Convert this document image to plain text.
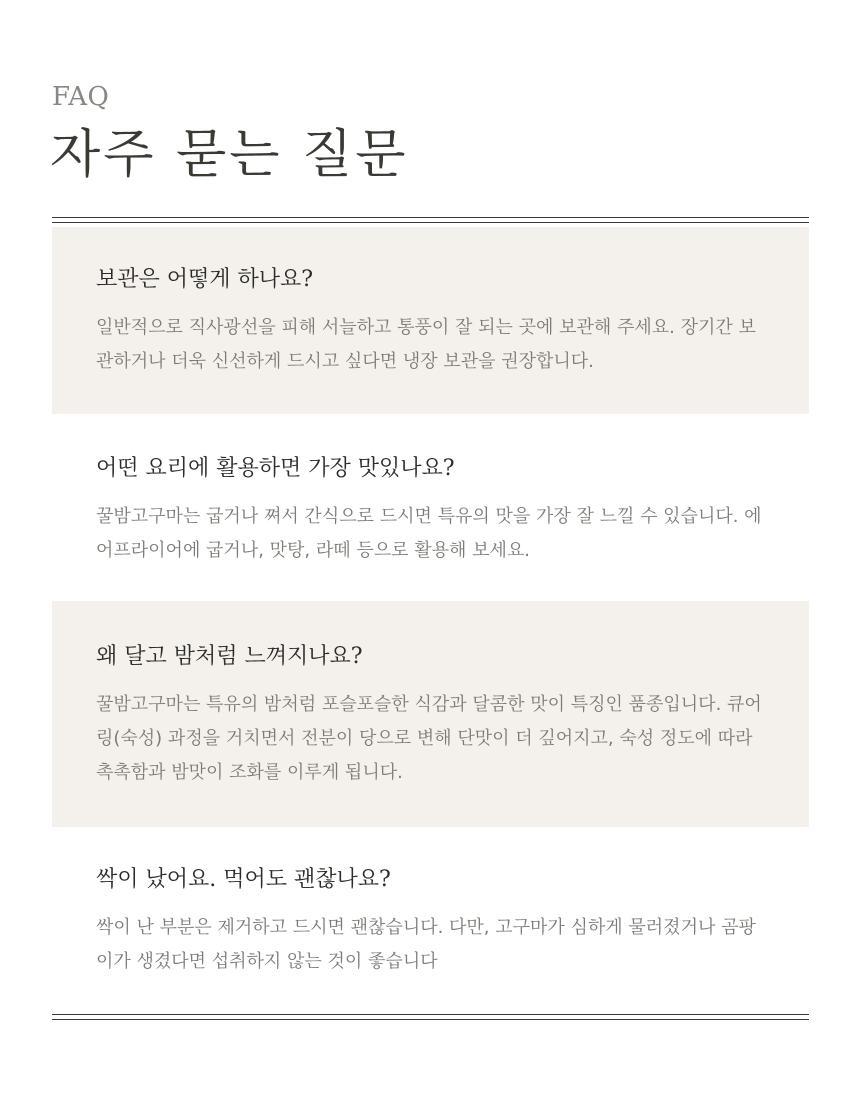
FAQ
자주 묻는 질문
보관은 어떻게 하나요?

일반적으로 직사광선을 피해 서늘하고 통풍이 잘 되는 곳에 보관해 주세요. 장기간 보관하거나 더욱 신선하게 드시고 싶다면 냉장 보관을 권장합니다.

어떤 요리에 활용하면 가장 맛있나요?

꿀밤고구마는 굽거나 쪄서 간식으로 드시면 특유의 맛을 가장 잘 느낄 수 있습니다. 에어프라이어에 굽거나, 맛탕, 라떼 등으로 활용해 보세요.

왜 달고 밤처럼 느껴지나요?

꿀밤고구마는 특유의 밤처럼 포슬포슬한 식감과 달콤한 맛이 특징인 품종입니다. 큐어링(숙성) 과정을 거치면서 전분이 당으로 변해 단맛이 더 깊어지고, 숙성 정도에 따라 촉촉함과 밤맛이 조화를 이루게 됩니다.

싹이 났어요. 먹어도 괜찮나요?

싹이 난 부분은 제거하고 드시면 괜찮습니다. 다만, 고구마가 심하게 물러졌거나 곰팡이가 생겼다면 섭취하지 않는 것이 좋습니다
